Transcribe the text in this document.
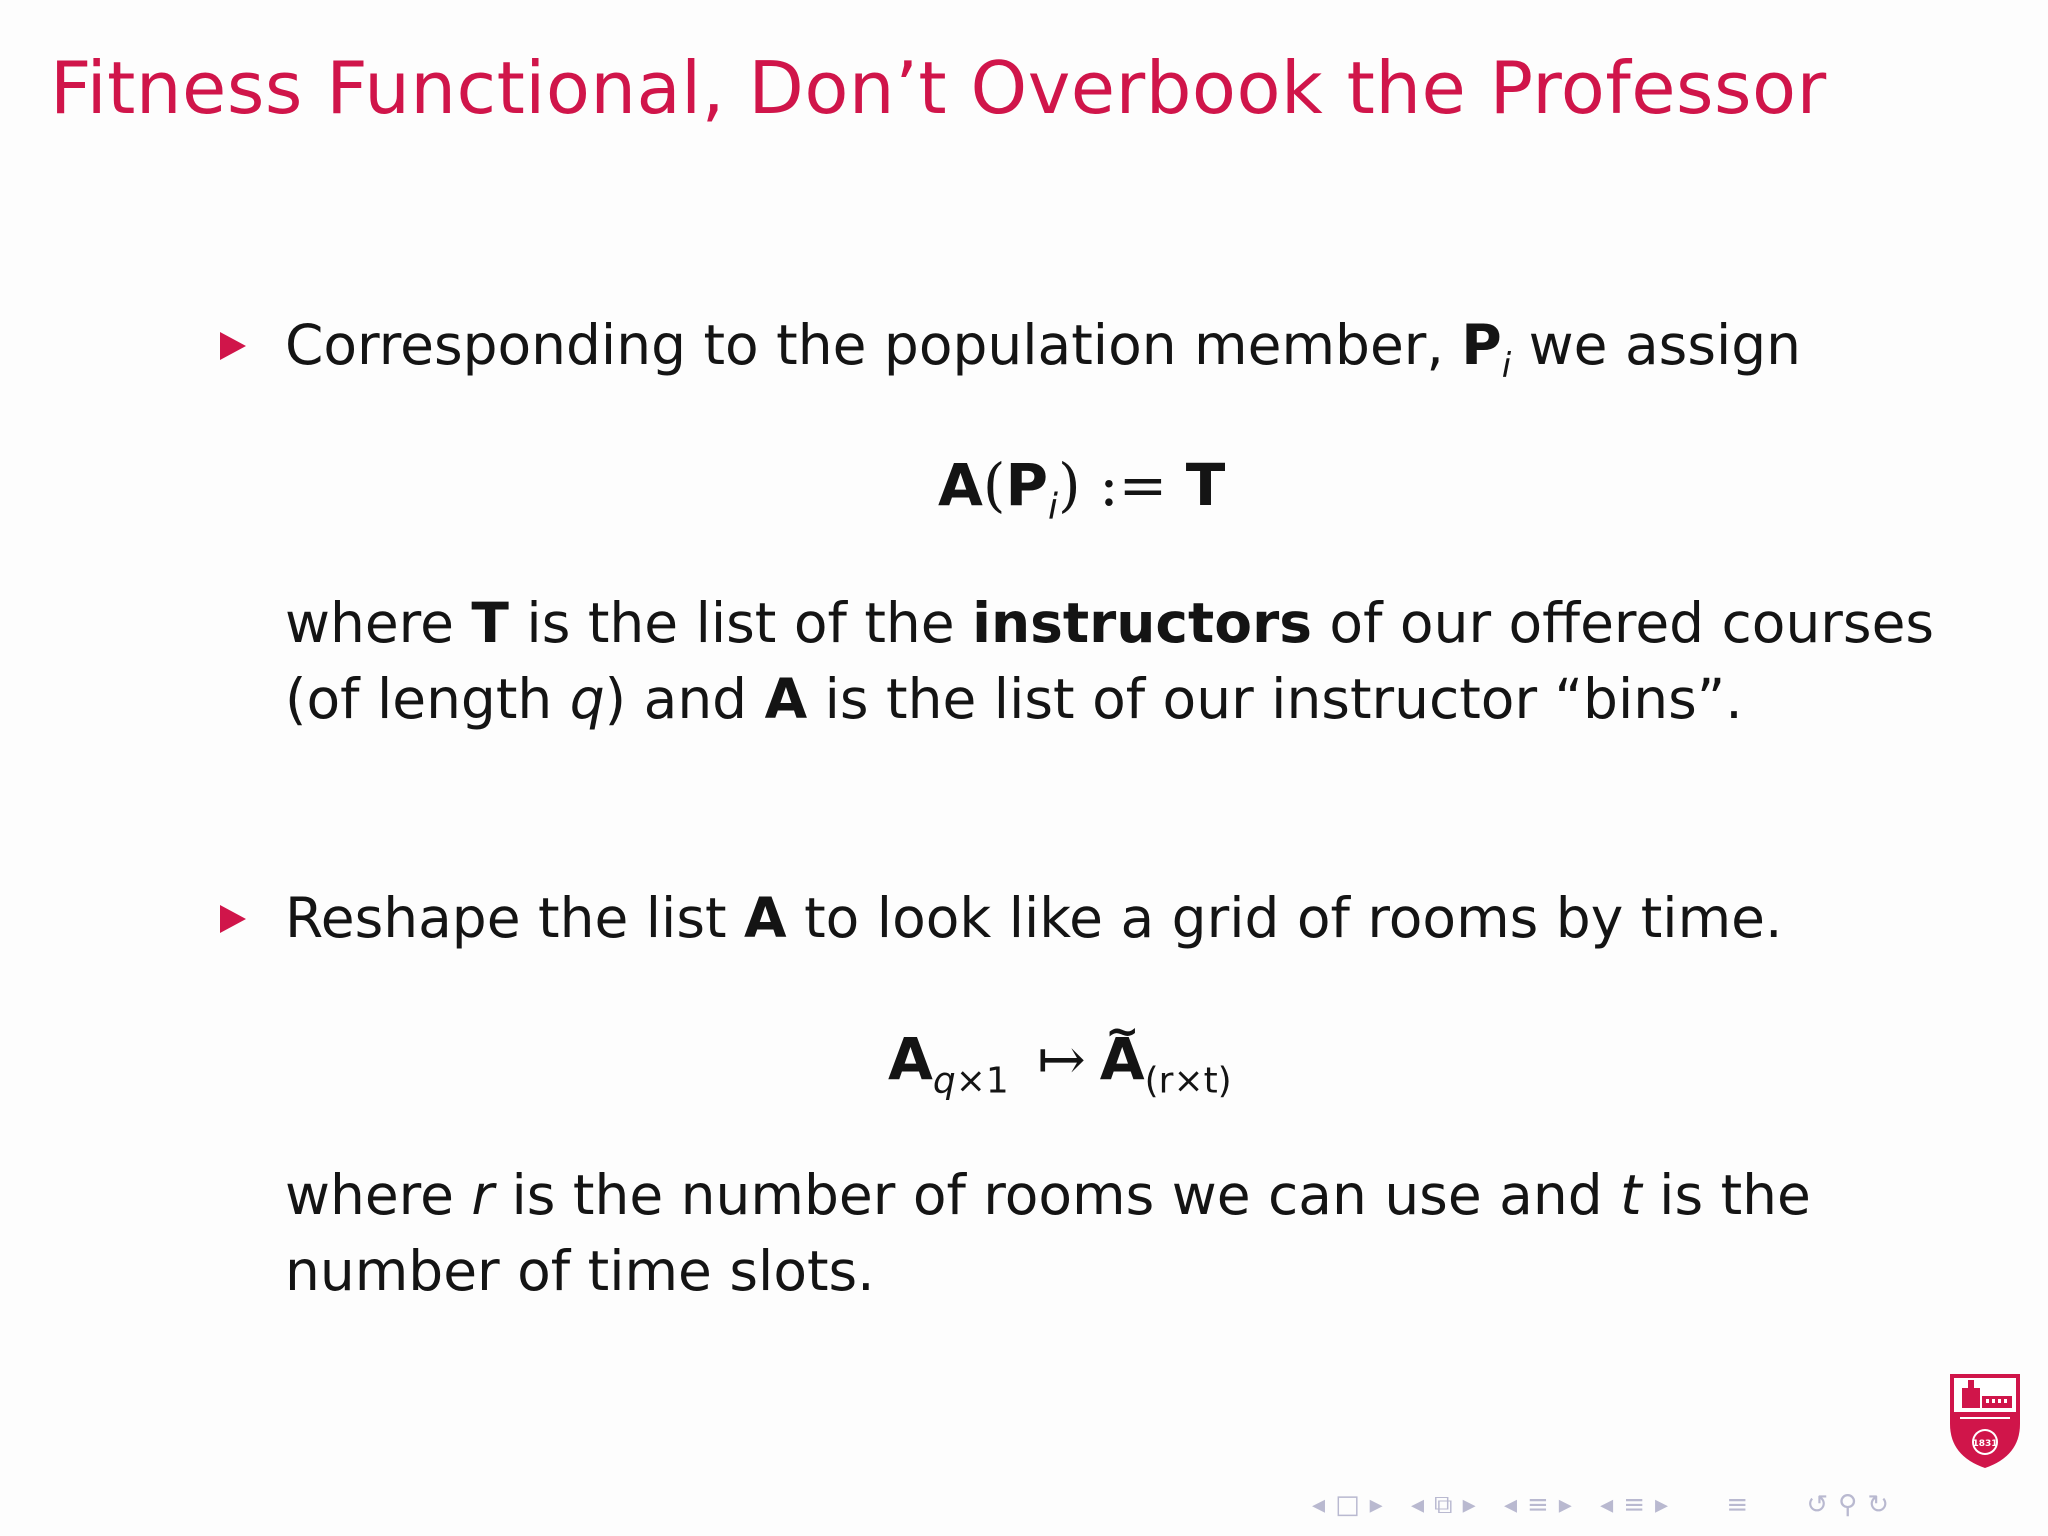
Fitness Functional, Don’t Overbook the Professor
Corresponding to the population member, $P_i$ we assign
$A(P_i)$ := T
where T is the list of the instructors of our offered courses
(of length q) and A is the list of our instructor “bins”.
Reshape the list A to look like a grid of rooms by time.
$A_{q\times 1}$ ↦~ $A_{(r\times t)}$
where r is the number of rooms we can use and t is the
number of time slots.
1831
◂ □ ▸ ◂ ⧉ ▸ ◂ ≡ ▸ ◂ ≡ ▸ ≡ ↺ ⚲ ↻
